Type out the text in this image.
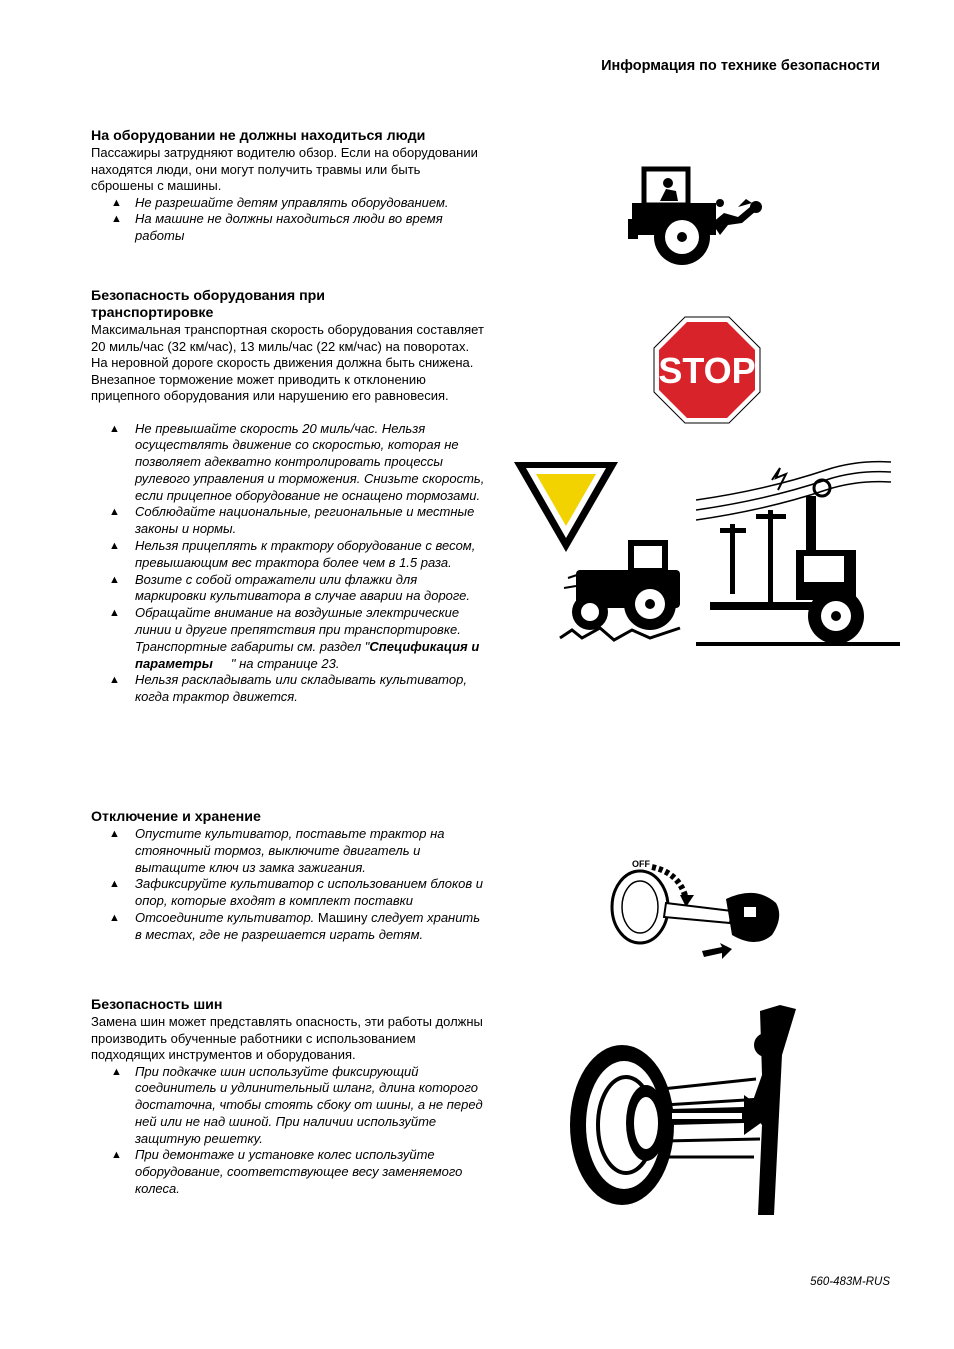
Информация по технике безопасности

На оборудовании не должны находиться люди

Пассажиры затрудняют водителю обзор. Если на оборудовании находятся люди, они могут получить травмы или быть сброшены с машины.

▲ Не разрешайте детям управлять оборудованием.
▲ На машине не должны находиться люди во время работы

Безопасность оборудования при транспортировке

Максимальная транспортная скорость оборудования составляет 20 миль/час (32 км/час), 13 миль/час (22 км/час) на поворотах. На неровной дороге скорость движения должна быть снижена. Внезапное торможение может приводить к отклонению прицепного оборудования или нарушению его равновесия.

▲ Не превышайте скорость 20 миль/час. Нельзя осуществлять движение со скоростью, которая не позволяет адекватно контролировать процессы рулевого управления и торможения. Снизьте скорость, если прицепное оборудование не оснащено тормозами.
▲ Соблюдайте национальные, региональные и местные законы и нормы.
▲ Нельзя прицеплять к трактору оборудование с весом, превышающим вес трактора более чем в 1.5 раза.
▲ Возите с собой отражатели или флажки для маркировки культиватора в случае аварии на дороге.
▲ Обращайте внимание на воздушные электрические линии и другие препятствия при транспортировке. Транспортные габариты см. раздел "Спецификация и параметры     " на странице 23.
▲ Нельзя раскладывать или складывать культиватор, когда трактор движется.

Отключение и хранение

▲ Опустите культиватор, поставьте трактор на стояночный тормоз, выключите двигатель и вытащите ключ из замка зажигания.
▲ Зафиксируйте культиватор с использованием блоков и опор, которые входят в комплект поставки
▲ Отсоедините культиватор. Машину следует хранить в местах, где не разрешается играть детям.

Безопасность шин

Замена шин может представлять опасность, эти работы должны производить обученные работники с использованием подходящих инструментов и оборудования.

▲ При подкачке шин используйте фиксирующий соединитель и удлинительный шланг, длина которого достаточна, чтобы стоять сбоку от шины, а не перед ней или не над шиной. При наличии используйте защитную решетку.
▲ При демонтаже и установке колес используйте оборудование, соответствующее весу заменяемого колеса.
STOP
OFF
560-483M-RUS
